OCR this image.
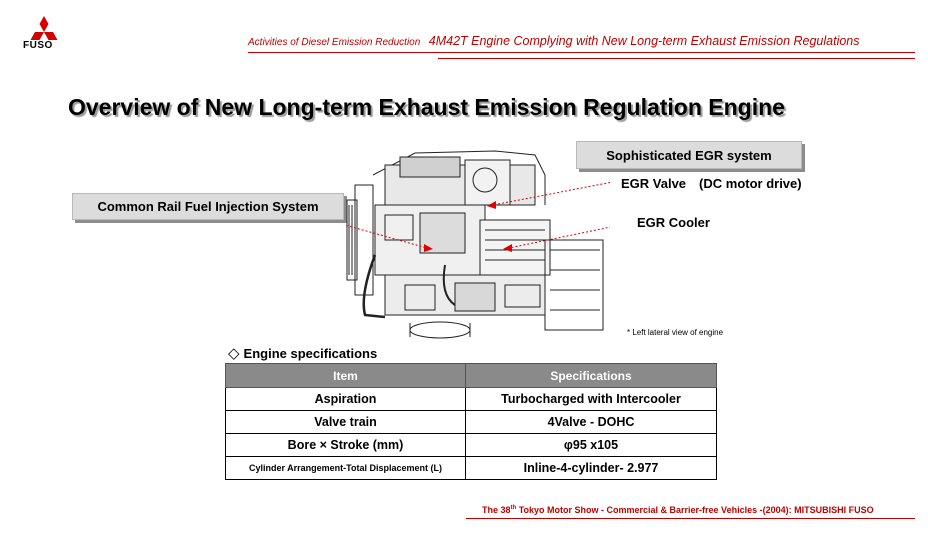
FUSO	Activities of Diesel Emission Reduction 4M42T Engine Complying with New Long-term Exhaust Emission Regulations
Overview of New Long-term Exhaust Emission Regulation Engine
Common Rail Fuel Injection System
Sophisticated EGR system
EGR Valve　(DC motor drive)
EGR Cooler
* Left lateral view of engine
◇ Engine specifications
Item	Specifications
Aspiration	Turbocharged with Intercooler
Valve train	4Valve - DOHC
Bore × Stroke (mm)	φ95 x105
Cylinder Arrangement-Total Displacement (L)	Inline-4-cylinder- 2.977
The 38th Tokyo Motor Show - Commercial & Barrier-free Vehicles -(2004): MITSUBISHI FUSO
